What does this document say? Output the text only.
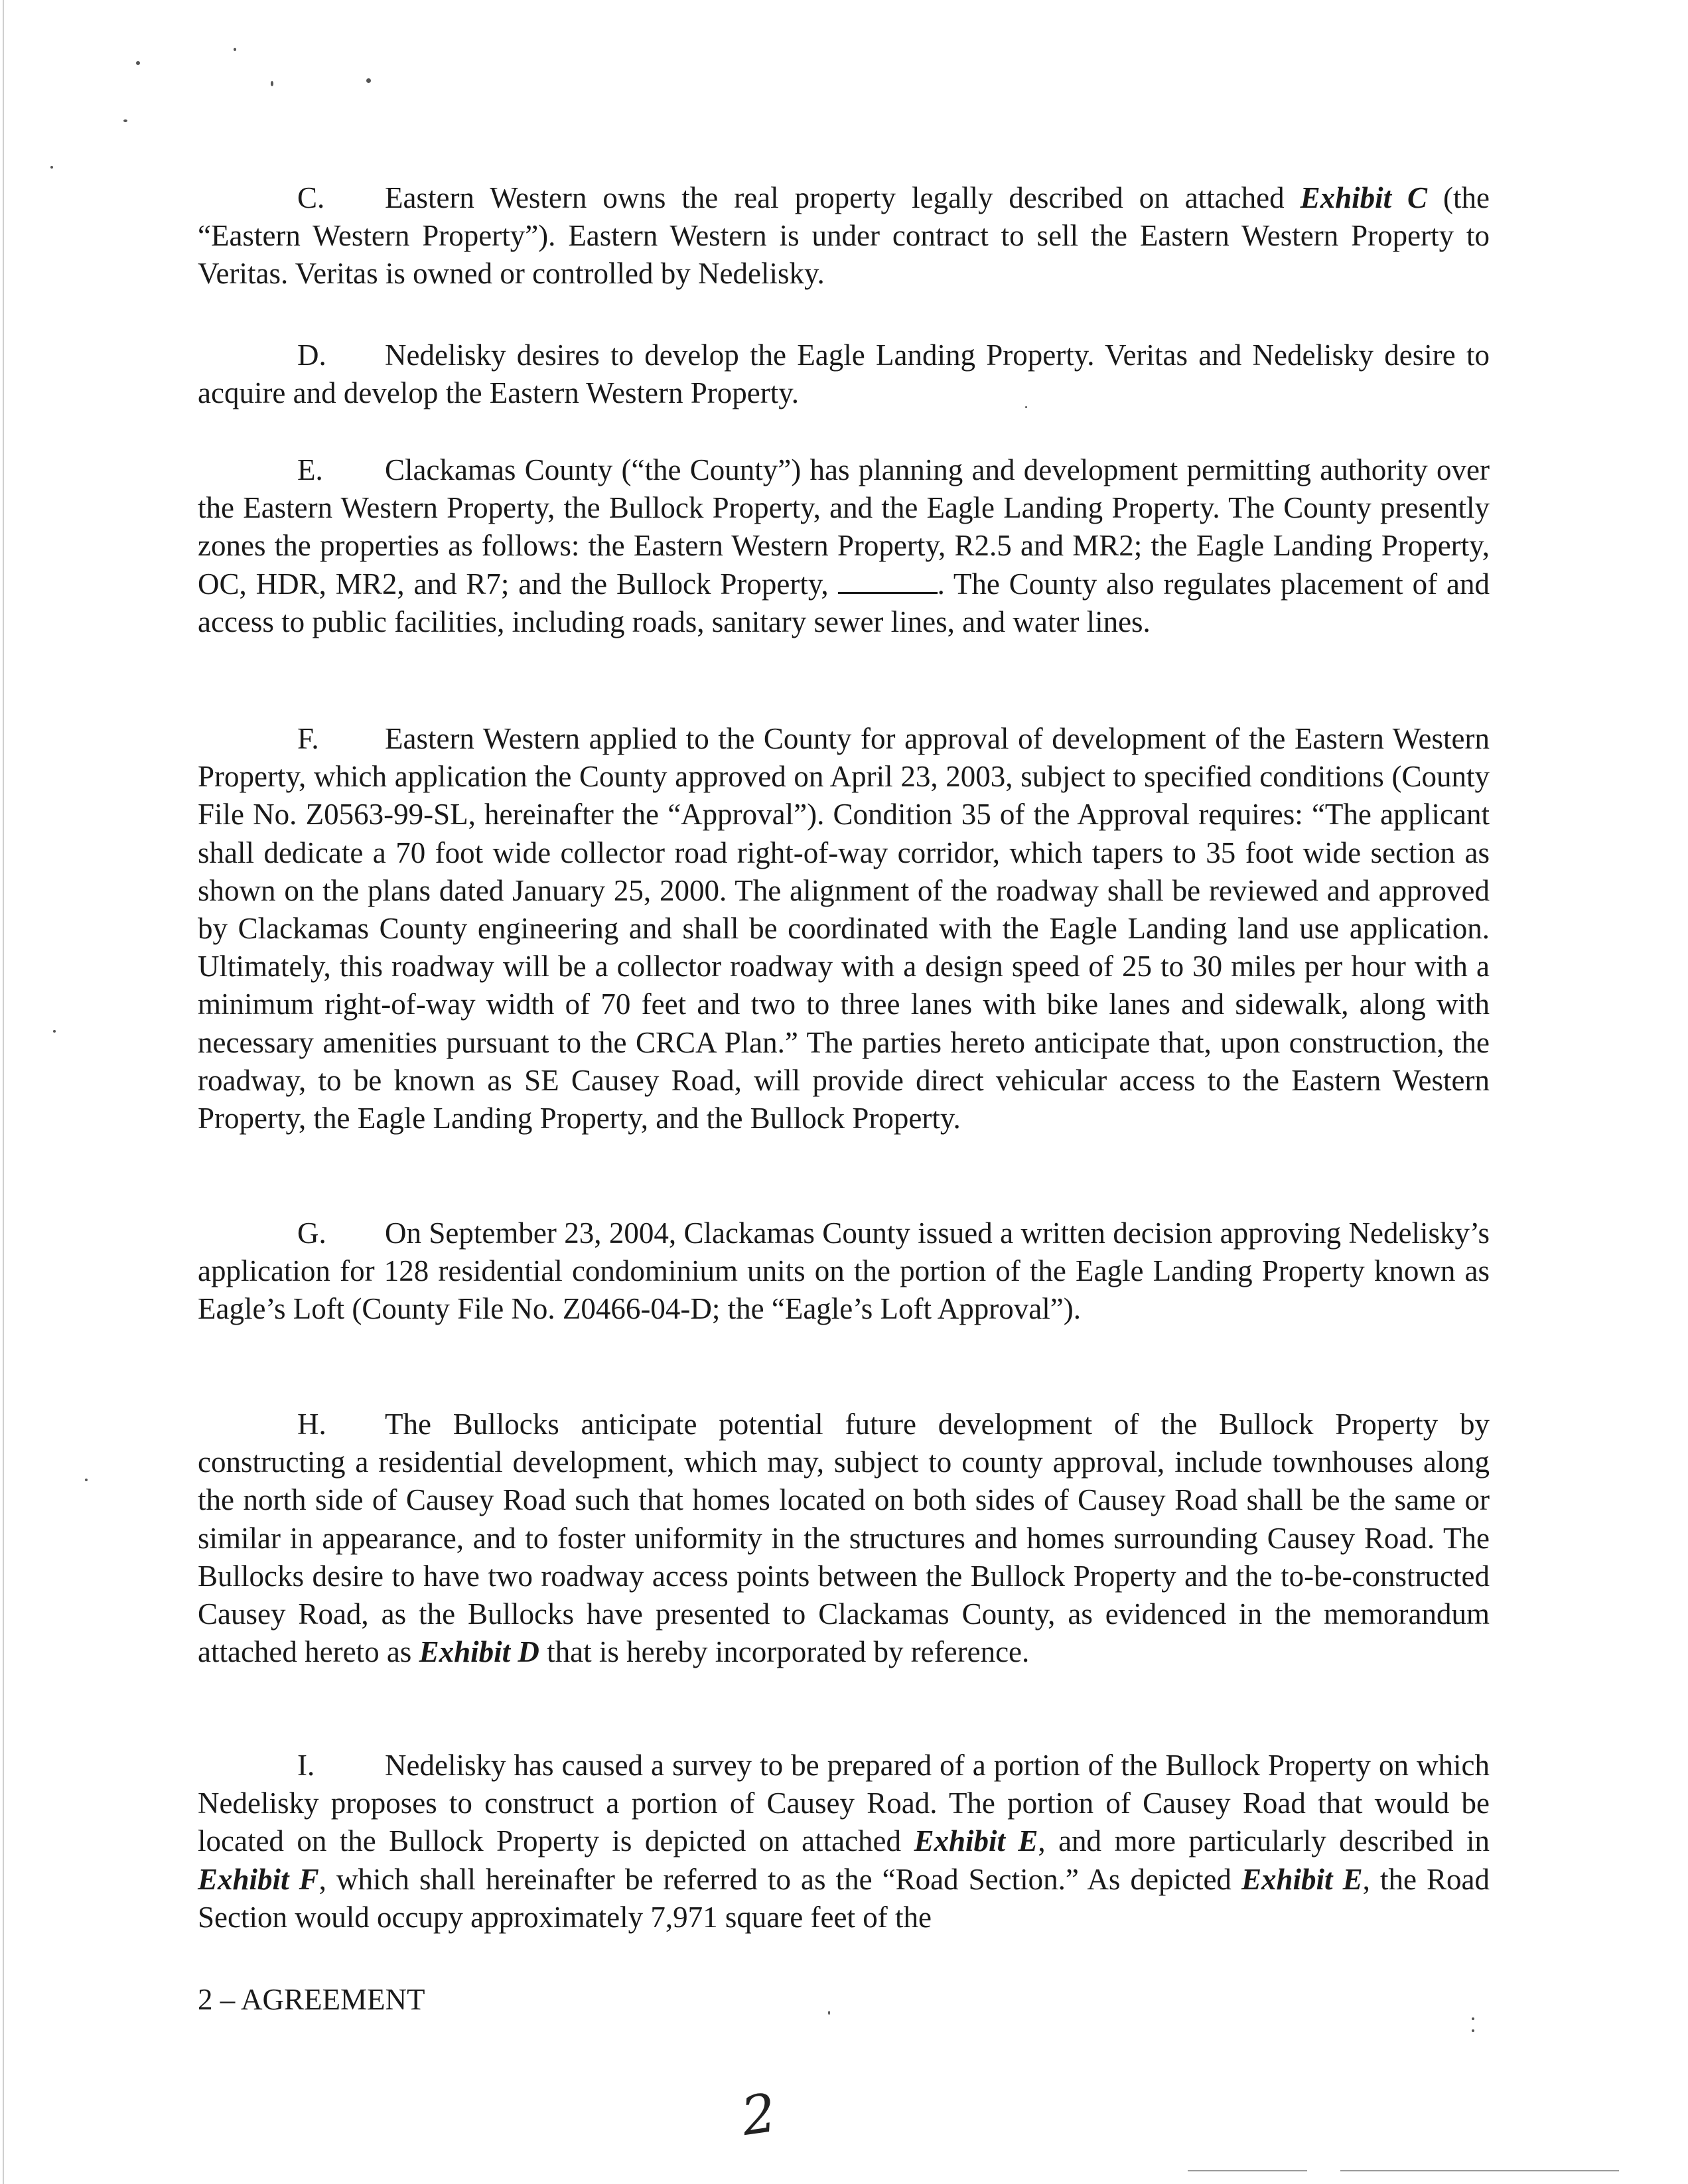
C. Eastern Western owns the real property legally described on attached Exhibit C (the “Eastern Western Property”). Eastern Western is under contract to sell the Eastern Western Property to Veritas. Veritas is owned or controlled by Nedelisky.

D. Nedelisky desires to develop the Eagle Landing Property. Veritas and Nedelisky desire to acquire and develop the Eastern Western Property.

E. Clackamas County (“the County”) has planning and development permitting authority over the Eastern Western Property, the Bullock Property, and the Eagle Landing Property. The County presently zones the properties as follows: the Eastern Western Property, R2.5 and MR2; the Eagle Landing Property, OC, HDR, MR2, and R7; and the Bullock Property,	. The County also regulates placement of and access to public facilities, including roads, sanitary sewer lines, and water lines.

F. Eastern Western applied to the County for approval of development of the Eastern Western Property, which application the County approved on April 23, 2003, subject to specified conditions (County File No. Z0563-99-SL, hereinafter the “Approval”). Condition 35 of the Approval requires: “The applicant shall dedicate a 70 foot wide collector road right-of-way corridor, which tapers to 35 foot wide section as shown on the plans dated January 25, 2000. The alignment of the roadway shall be reviewed and approved by Clackamas County engineering and shall be coordinated with the Eagle Landing land use application. Ultimately, this roadway will be a collector roadway with a design speed of 25 to 30 miles per hour with a minimum right-of-way width of 70 feet and two to three lanes with bike lanes and sidewalk, along with necessary amenities pursuant to the CRCA Plan.” The parties hereto anticipate that, upon construction, the roadway, to be known as SE Causey Road, will provide direct vehicular access to the Eastern Western Property, the Eagle Landing Property, and the Bullock Property.

G. On September 23, 2004, Clackamas County issued a written decision approving Nedelisky’s application for 128 residential condominium units on the portion of the Eagle Landing Property known as Eagle’s Loft (County File No. Z0466-04-D; the “Eagle’s Loft Approval”).

H. The Bullocks anticipate potential future development of the Bullock Property by constructing a residential development, which may, subject to county approval, include townhouses along the north side of Causey Road such that homes located on both sides of Causey Road shall be the same or similar in appearance, and to foster uniformity in the structures and homes surrounding Causey Road. The Bullocks desire to have two roadway access points between the Bullock Property and the to-be-constructed Causey Road, as the Bullocks have presented to Clackamas County, as evidenced in the memorandum attached hereto as Exhibit D that is hereby incorporated by reference.

I. Nedelisky has caused a survey to be prepared of a portion of the Bullock Property on which Nedelisky proposes to construct a portion of Causey Road. The portion of Causey Road that would be located on the Bullock Property is depicted on attached Exhibit E, and more particularly described in Exhibit F, which shall hereinafter be referred to as the “Road Section.” As depicted Exhibit E, the Road Section would occupy approximately 7,971 square feet of the

2 – AGREEMENT

2
